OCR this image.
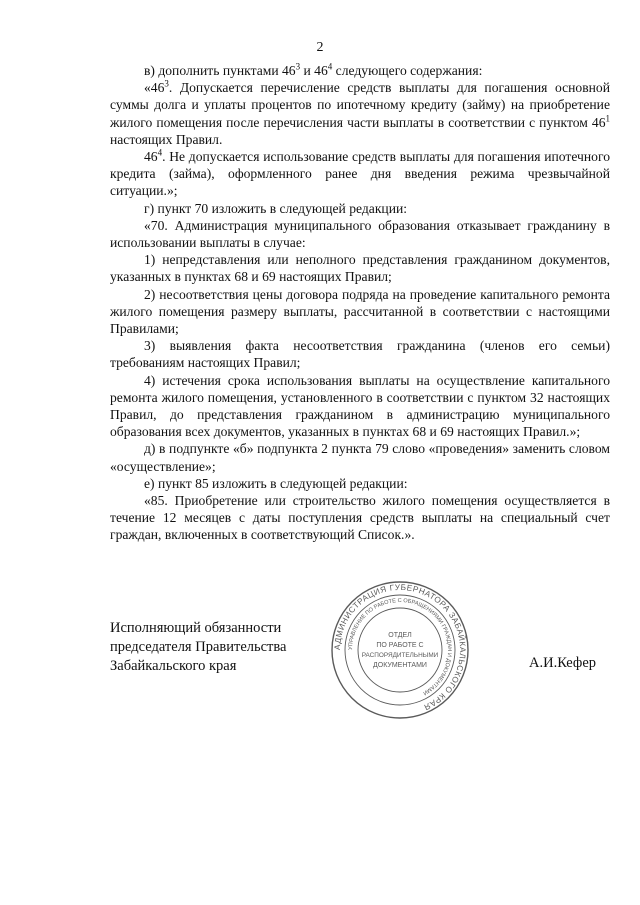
2

в) дополнить пунктами $46^3$ и $46^4$ следующего содержания:

«$46^3$. Допускается перечисление средств выплаты для погашения основной суммы долга и уплаты процентов по ипотечному кредиту (займу) на приобретение жилого помещения после перечисления части выплаты в соответствии с пунктом $46^1$ настоящих Правил.

$46^4$. Не допускается использование средств выплаты для погашения ипотечного кредита (займа), оформленного ранее дня введения режима чрезвычайной ситуации.»;

г) пункт 70 изложить в следующей редакции:

«70. Администрация муниципального образования отказывает гражданину в использовании выплаты в случае:

1) непредставления или неполного представления гражданином документов, указанных в пунктах 68 и 69 настоящих Правил;

2) несоответствия цены договора подряда на проведение капитального ремонта жилого помещения размеру выплаты, рассчитанной в соответствии с настоящими Правилами;

3) выявления факта несоответствия гражданина (членов его семьи) требованиям настоящих Правил;

4) истечения срока использования выплаты на осуществление капитального ремонта жилого помещения, установленного в соответствии с пунктом 32 настоящих Правил, до представления гражданином в администрацию муниципального образования всех документов, указанных в пунктах 68 и 69 настоящих Правил.»;

д) в подпункте «б» подпункта 2 пункта 79 слово «проведения» заменить словом «осуществление»;

е) пункт 85 изложить в следующей редакции:

«85. Приобретение или строительство жилого помещения осуществляется в течение 12 месяцев с даты поступления средств выплаты на специальный счет граждан, включенных в соответствующий Список.».

Исполняющий обязанности
председателя Правительства
Забайкальского края
АДМИНИСТРАЦИЯ ГУБЕРНАТОРА ЗАБАЙКАЛЬСКОГО КРАЯ
УПРАВЛЕНИЕ ПО РАБОТЕ С ОБРАЩЕНИЯМИ ГРАЖДАН И ДОКУМЕНТАМИ
ОТДЕЛ
ПО РАБОТЕ С
РАСПОРЯДИТЕЛЬНЫМИ
ДОКУМЕНТАМИ	А.И.Кефер
